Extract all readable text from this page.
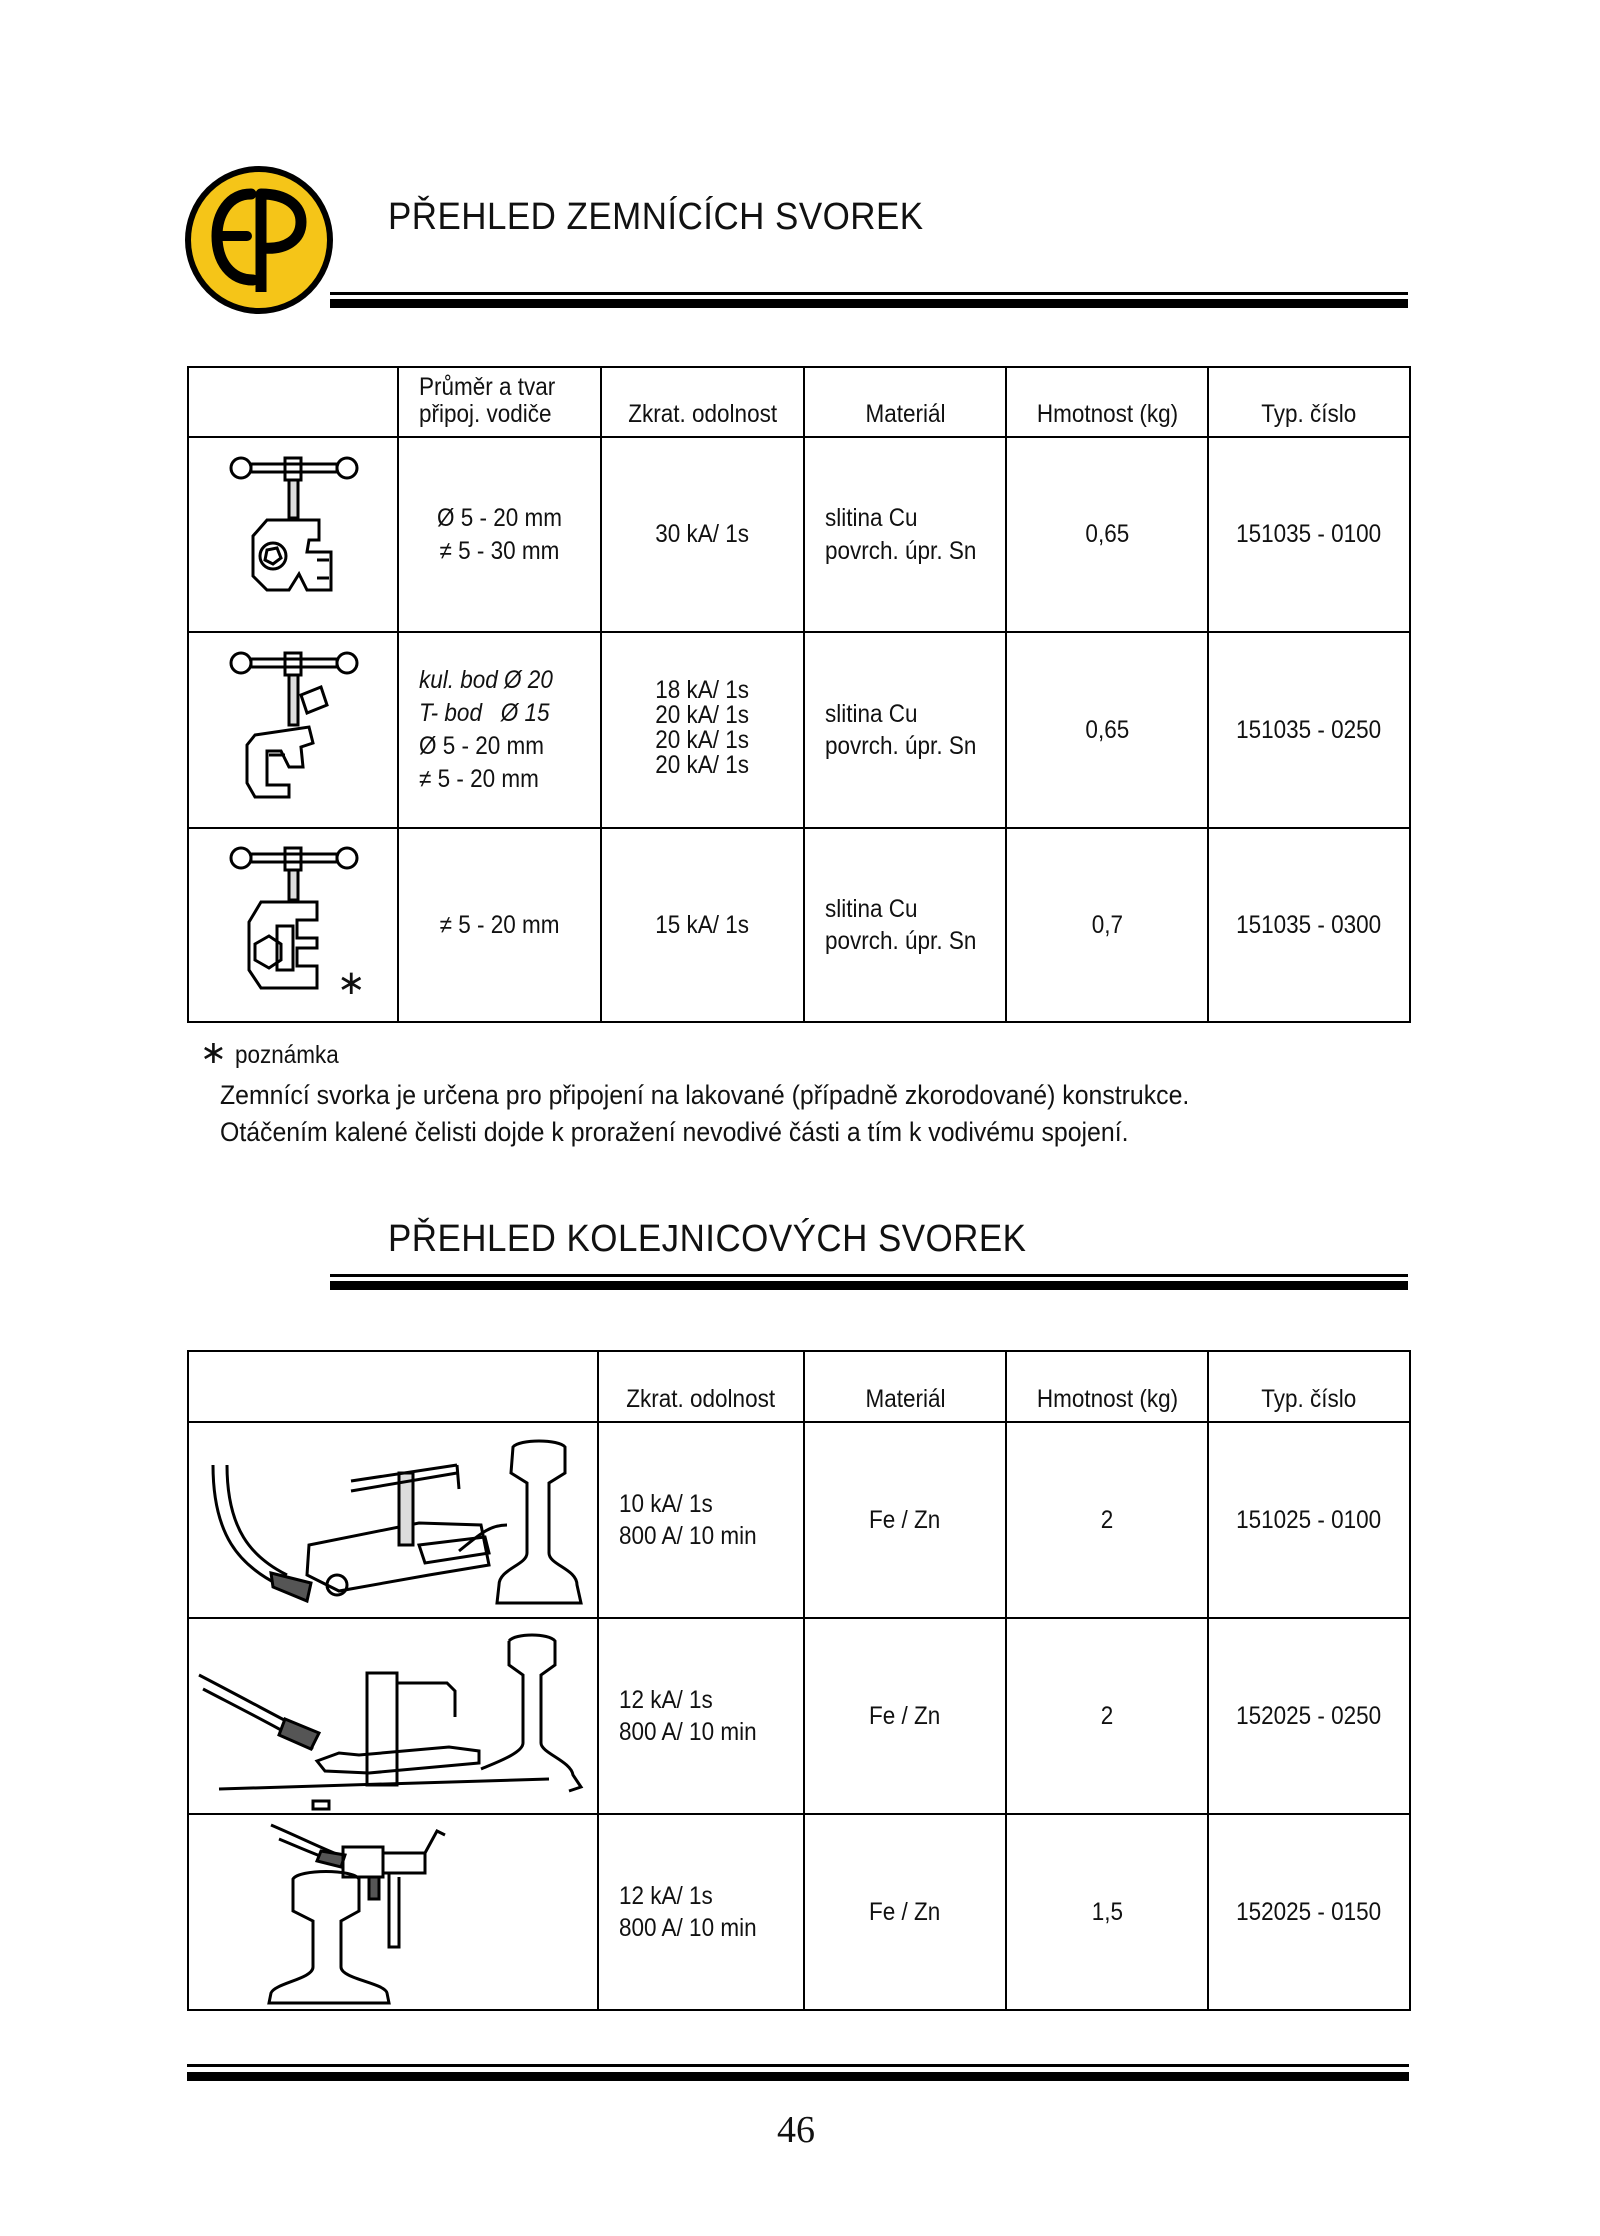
PŘEHLED ZEMNÍCÍCH SVOREK
	Průměr a tvar
připoj. vodiče	Zkrat. odolnost	Materiál	Hmotnost (kg)	Typ. číslo

	Ø 5 - 20 mm
≠ 5 - 30 mm	30 kA/ 1s	slitina Cu
povrch. úpr. Sn	0,65	151035 - 0100

	kul. bod Ø 20
T- bod   Ø 15
Ø 5 - 20 mm
≠ 5 - 20 mm	18 kA/ 1s
20 kA/ 1s
20 kA/ 1s
20 kA/ 1s	slitina Cu
povrch. úpr. Sn	0,65	151035 - 0250

∗	≠ 5 - 20 mm	15 kA/ 1s	slitina Cu
povrch. úpr. Sn	0,7	151035 - 0300
∗ poznámka
Zemnící svorka je určena pro připojení na lakované (případně zkorodované) konstrukce.
Otáčením kalené čelisti dojde k proražení nevodivé části a tím k vodivému spojení.
PŘEHLED KOLEJNICOVÝCH SVOREK
	Zkrat. odolnost	Materiál	Hmotnost (kg)	Typ. číslo

	10 kA/ 1s
800 A/ 10 min	Fe / Zn	2	151025 - 0100

	12 kA/ 1s
800 A/ 10 min	Fe / Zn	2	152025 - 0250

	12 kA/ 1s
800 A/ 10 min	Fe / Zn	1,5	152025 - 0150
46
